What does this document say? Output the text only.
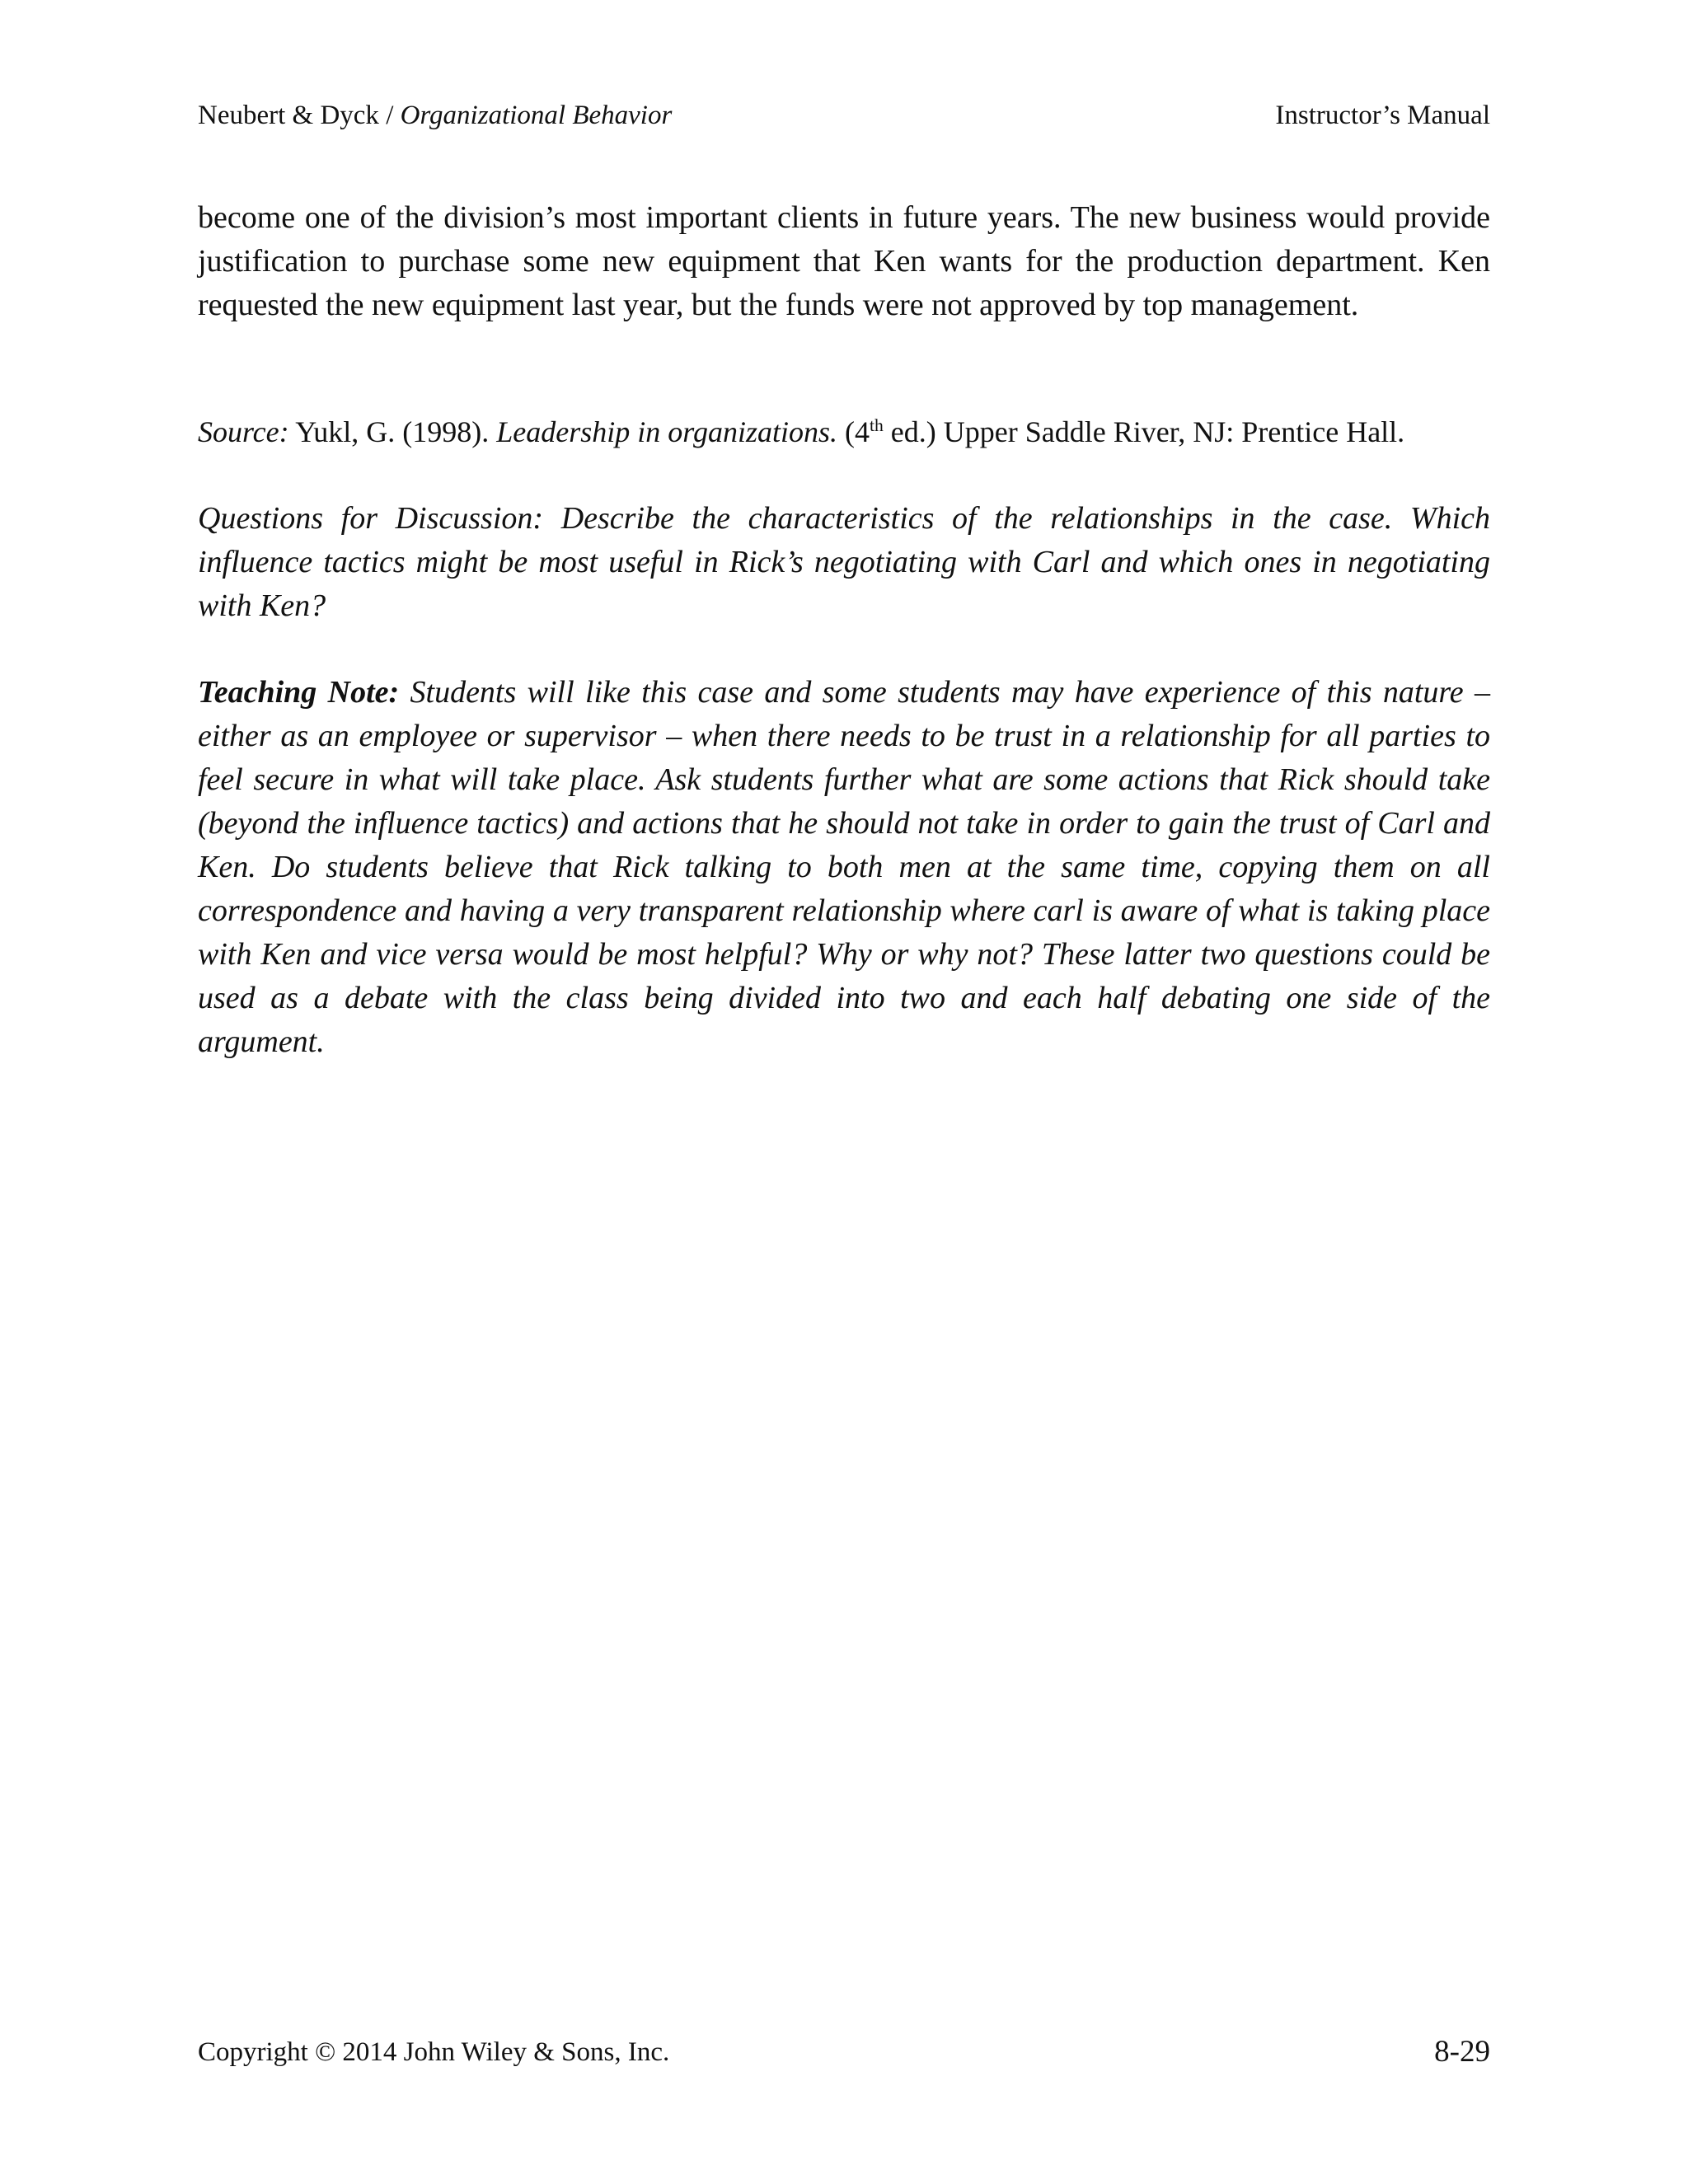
Neubert & Dyck / Organizational Behavior	Instructor’s Manual
become one of the division’s most important clients in future years. The new business would provide justification to purchase some new equipment that Ken wants for the production department. Ken requested the new equipment last year, but the funds were not approved by top management.
Source: Yukl, G. (1998). Leadership in organizations. (4th ed.) Upper Saddle River, NJ: Prentice Hall.
Questions for Discussion: Describe the characteristics of the relationships in the case. Which influence tactics might be most useful in Rick’s negotiating with Carl and which ones in negotiating with Ken?
Teaching Note: Students will like this case and some students may have experience of this nature – either as an employee or supervisor – when there needs to be trust in a relationship for all parties to feel secure in what will take place. Ask students further what are some actions that Rick should take (beyond the influence tactics) and actions that he should not take in order to gain the trust of Carl and Ken. Do students believe that Rick talking to both men at the same time, copying them on all correspondence and having a very transparent relationship where carl is aware of what is taking place with Ken and vice versa would be most helpful? Why or why not? These latter two questions could be used as a debate with the class being divided into two and each half debating one side of the argument.
Copyright © 2014 John Wiley & Sons, Inc.	8-29
